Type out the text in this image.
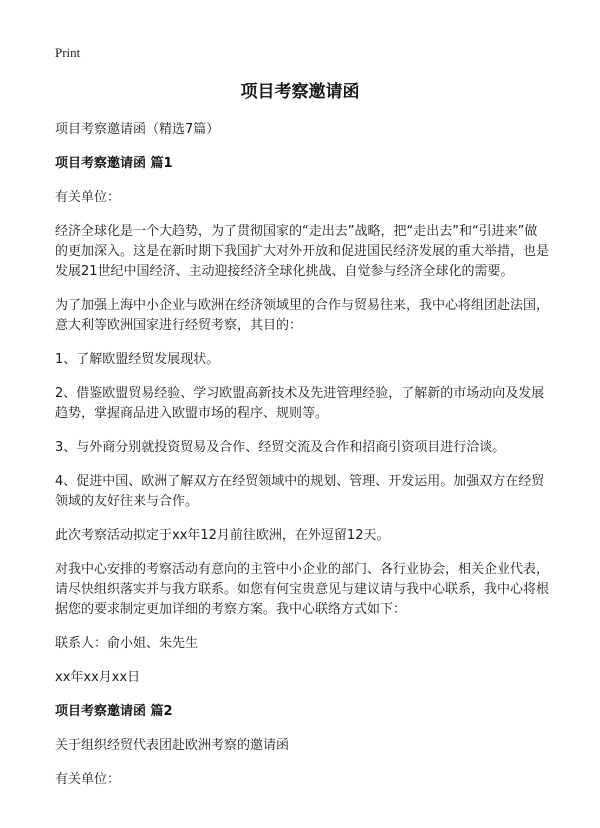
Print
项目考察邀请函

项目考察邀请函（精选7篇）

项目考察邀请函 篇1

有关单位：

经济全球化是一个大趋势，为了贯彻国家的“走出去”战略，把“走出去”和“引进来”做的更加深入。这是在新时期下我国扩大对外开放和促进国民经济发展的重大举措，也是发展21世纪中国经济、主动迎接经济全球化挑战、自觉参与经济全球化的需要。

为了加强上海中小企业与欧洲在经济领域里的合作与贸易往来，我中心将组团赴法国，意大利等欧洲国家进行经贸考察，其目的：

1、了解欧盟经贸发展现状。

2、借鉴欧盟贸易经验、学习欧盟高新技术及先进管理经验，了解新的市场动向及发展趋势，掌握商品进入欧盟市场的程序、规则等。

3、与外商分别就投资贸易及合作、经贸交流及合作和招商引资项目进行洽谈。

4、促进中国、欧洲了解双方在经贸领域中的规划、管理、开发运用。加强双方在经贸领域的友好往来与合作。

此次考察活动拟定于xx年12月前往欧洲，在外逗留12天。

对我中心安排的考察活动有意向的主管中小企业的部门、各行业协会，相关企业代表，请尽快组织落实并与我方联系。如您有何宝贵意见与建议请与我中心联系，我中心将根据您的要求制定更加详细的考察方案。我中心联络方式如下：

联系人：俞小姐、朱先生

xx年xx月xx日

项目考察邀请函 篇2

关于组织经贸代表团赴欧洲考察的邀请函

有关单位：
